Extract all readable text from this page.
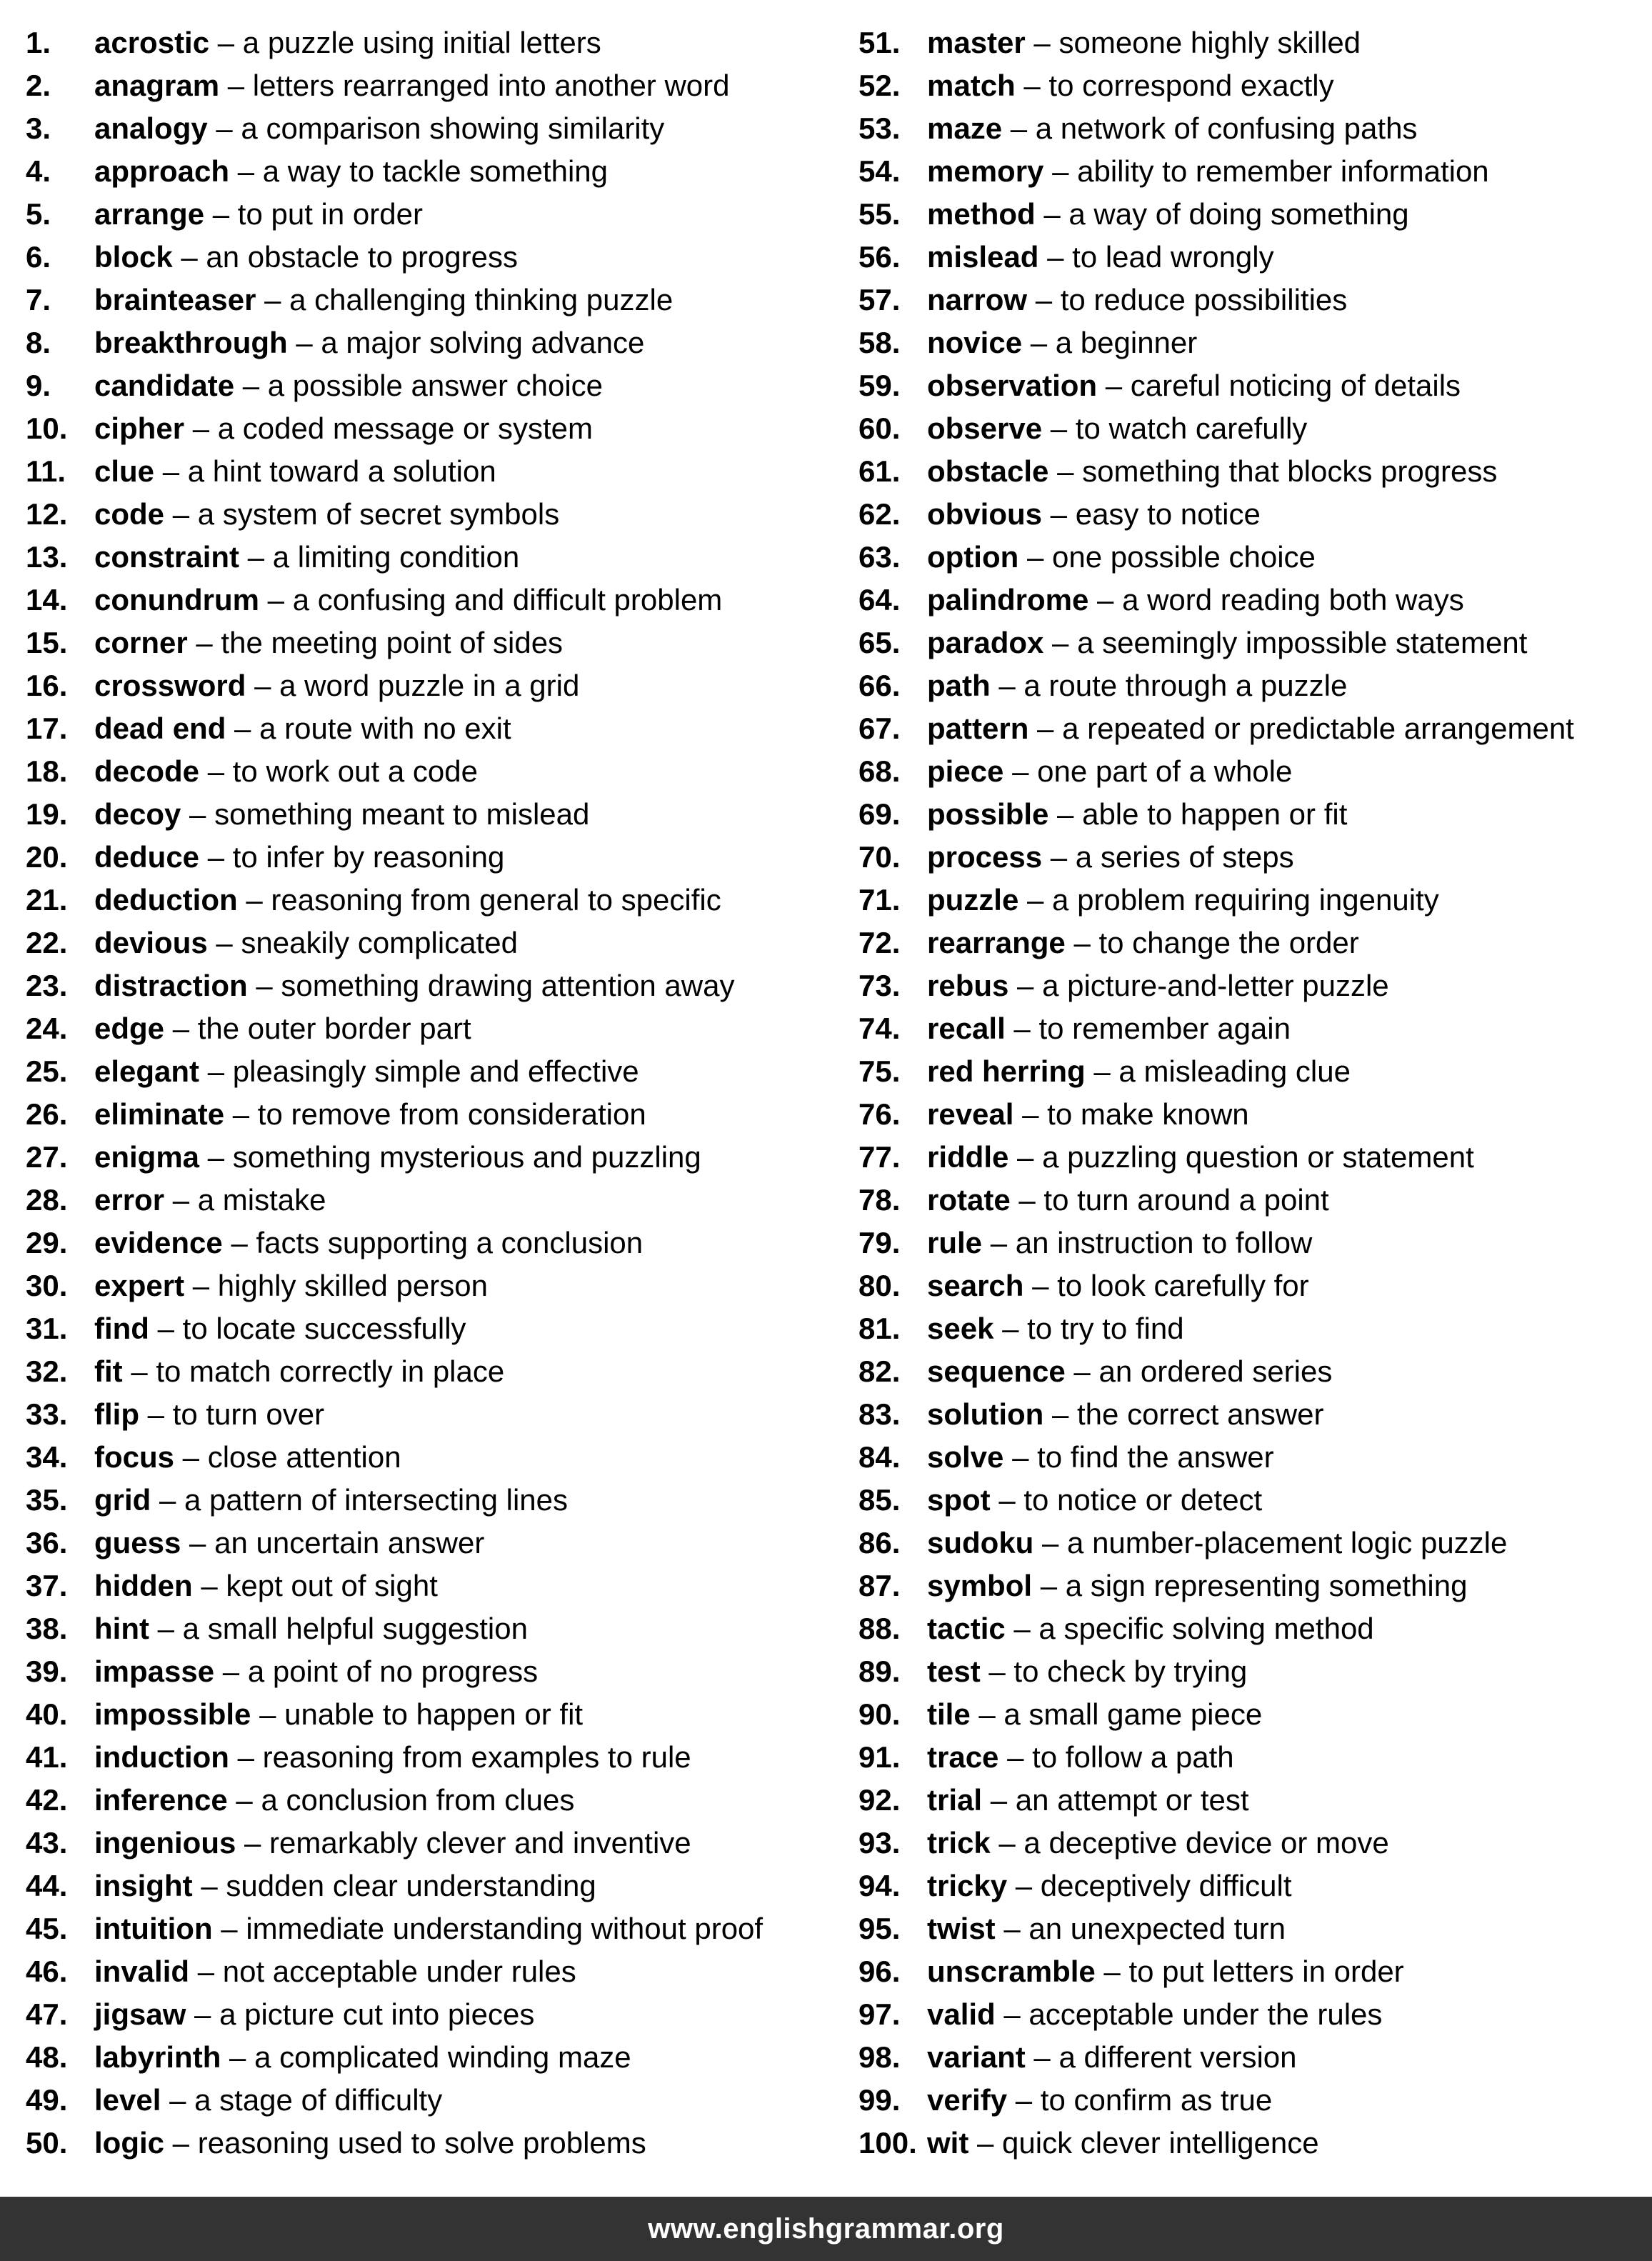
1.	acrostic – a puzzle using initial letters
2.	anagram – letters rearranged into another word
3.	analogy – a comparison showing similarity
4.	approach – a way to tackle something
5.	arrange – to put in order
6.	block – an obstacle to progress
7.	brainteaser – a challenging thinking puzzle
8.	breakthrough – a major solving advance
9.	candidate – a possible answer choice
10. cipher – a coded message or system
11. clue – a hint toward a solution
12. code – a system of secret symbols
13. constraint – a limiting condition
14. conundrum – a confusing and difficult problem
15. corner – the meeting point of sides
16. crossword – a word puzzle in a grid
17. dead end – a route with no exit
18. decode – to work out a code
19. decoy – something meant to mislead
20. deduce – to infer by reasoning
21. deduction – reasoning from general to specific
22. devious – sneakily complicated
23. distraction – something drawing attention away
24. edge – the outer border part
25. elegant – pleasingly simple and effective
26. eliminate – to remove from consideration
27. enigma – something mysterious and puzzling
28. error – a mistake
29. evidence – facts supporting a conclusion
30. expert – highly skilled person
31. find – to locate successfully
32. fit – to match correctly in place
33. flip – to turn over
34. focus – close attention
35. grid – a pattern of intersecting lines
36. guess – an uncertain answer
37. hidden – kept out of sight
38. hint – a small helpful suggestion
39. impasse – a point of no progress
40. impossible – unable to happen or fit
41. induction – reasoning from examples to rule
42. inference – a conclusion from clues
43. ingenious – remarkably clever and inventive
44. insight – sudden clear understanding
45. intuition – immediate understanding without proof
46. invalid – not acceptable under rules
47. jigsaw – a picture cut into pieces
48. labyrinth – a complicated winding maze
49. level – a stage of difficulty
50. logic – reasoning used to solve problems
51. master – someone highly skilled
52. match – to correspond exactly
53. maze – a network of confusing paths
54. memory – ability to remember information
55. method – a way of doing something
56. mislead – to lead wrongly
57. narrow – to reduce possibilities
58. novice – a beginner
59. observation – careful noticing of details
60. observe – to watch carefully
61. obstacle – something that blocks progress
62. obvious – easy to notice
63. option – one possible choice
64. palindrome – a word reading both ways
65. paradox – a seemingly impossible statement
66. path – a route through a puzzle
67. pattern – a repeated or predictable arrangement
68. piece – one part of a whole
69. possible – able to happen or fit
70. process – a series of steps
71. puzzle – a problem requiring ingenuity
72. rearrange – to change the order
73. rebus – a picture-and-letter puzzle
74. recall – to remember again
75. red herring – a misleading clue
76. reveal – to make known
77. riddle – a puzzling question or statement
78. rotate – to turn around a point
79. rule – an instruction to follow
80. search – to look carefully for
81. seek – to try to find
82. sequence – an ordered series
83. solution – the correct answer
84. solve – to find the answer
85. spot – to notice or detect
86. sudoku – a number-placement logic puzzle
87. symbol – a sign representing something
88. tactic – a specific solving method
89. test – to check by trying
90. tile – a small game piece
91. trace – to follow a path
92. trial – an attempt or test
93. trick – a deceptive device or move
94. tricky – deceptively difficult
95. twist – an unexpected turn
96. unscramble – to put letters in order
97. valid – acceptable under the rules
98. variant – a different version
99. verify – to confirm as true
100. wit – quick clever intelligence
www.englishgrammar.org
